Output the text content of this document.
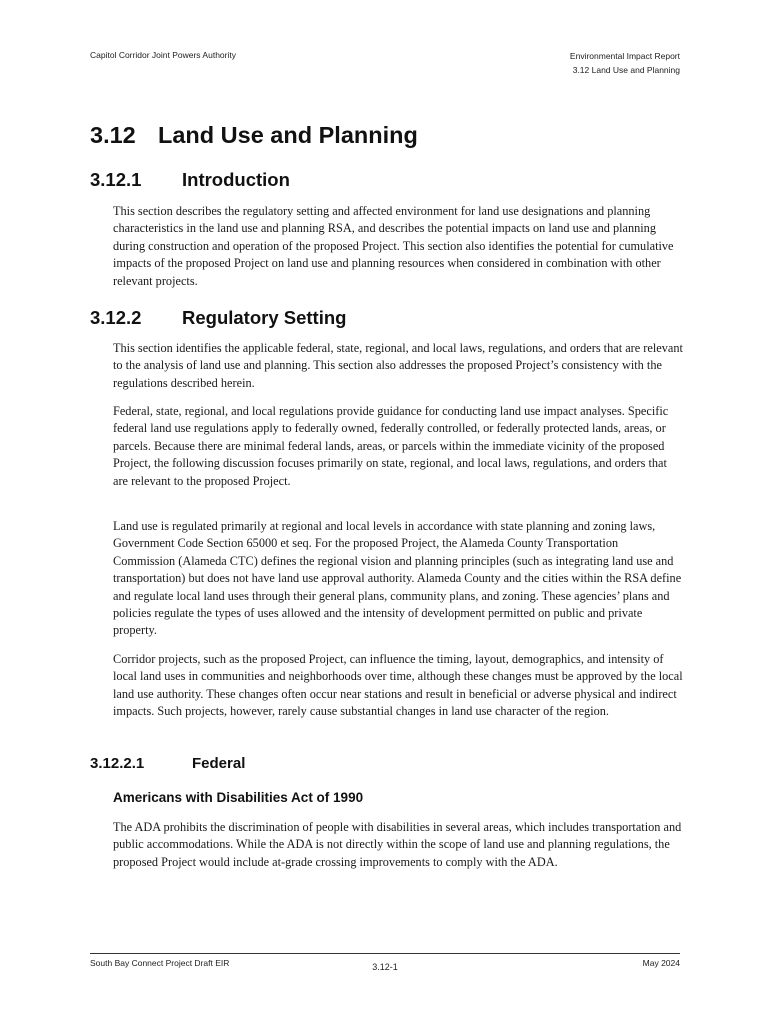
Capitol Corridor Joint Powers Authority	Environmental Impact Report
3.12 Land Use and Planning
3.12 Land Use and Planning
3.12.1 Introduction

This section describes the regulatory setting and affected environment for land use designations and planning characteristics in the land use and planning RSA, and describes the potential impacts on land use and planning during construction and operation of the proposed Project. This section also identifies the potential for cumulative impacts of the proposed Project on land use and planning resources when considered in combination with other relevant projects.

3.12.2 Regulatory Setting

This section identifies the applicable federal, state, regional, and local laws, regulations, and orders that are relevant to the analysis of land use and planning. This section also addresses the proposed Project’s consistency with the regulations described herein.

Federal, state, regional, and local regulations provide guidance for conducting land use impact analyses. Specific federal land use regulations apply to federally owned, federally controlled, or federally protected lands, areas, or parcels. Because there are minimal federal lands, areas, or parcels within the immediate vicinity of the proposed Project, the following discussion focuses primarily on state, regional, and local laws, regulations, and orders that are relevant to the proposed Project.

Land use is regulated primarily at regional and local levels in accordance with state planning and zoning laws, Government Code Section 65000 et seq. For the proposed Project, the Alameda County Transportation Commission (Alameda CTC) defines the regional vision and planning principles (such as integrating land use and transportation) but does not have land use approval authority. Alameda County and the cities within the RSA define and regulate local land uses through their general plans, community plans, and zoning. These agencies’ plans and policies regulate the types of uses allowed and the intensity of development permitted on public and private property.

Corridor projects, such as the proposed Project, can influence the timing, layout, demographics, and intensity of local land uses in communities and neighborhoods over time, although these changes must be approved by the local land use authority. These changes often occur near stations and result in beneficial or adverse physical and indirect impacts. Such projects, however, rarely cause substantial changes in land use character of the region.

3.12.2.1	Federal
Americans with Disabilities Act of 1990

The ADA prohibits the discrimination of people with disabilities in several areas, which includes transportation and public accommodations. While the ADA is not directly within the scope of land use and planning regulations, the proposed Project would include at-grade crossing improvements to comply with the ADA.

South Bay Connect Project Draft EIR	3.12-1	May 2024
